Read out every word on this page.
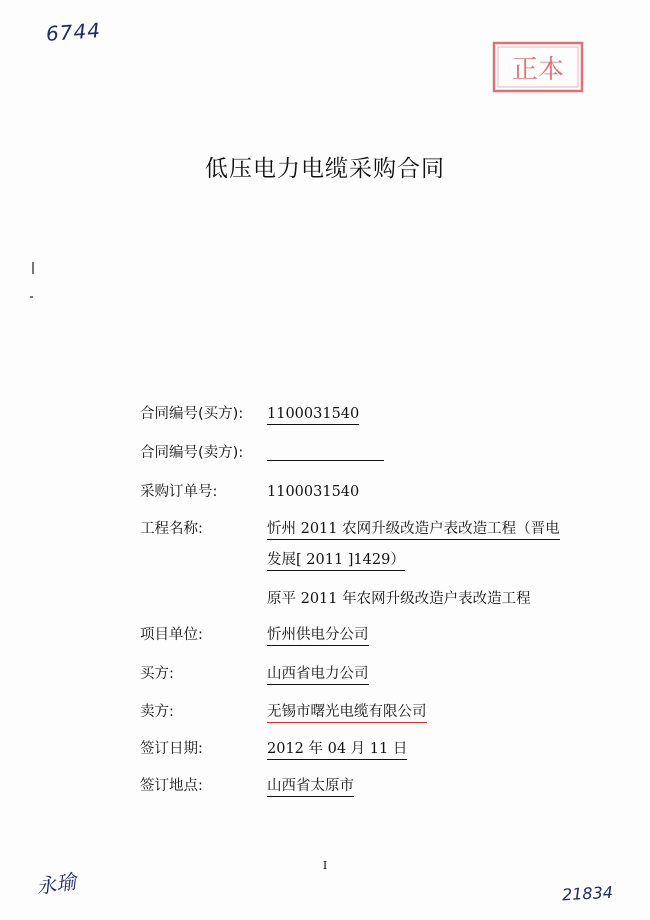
6744
正本
低压电力电缆采购合同
合同编号(买方): 1100031540
合同编号(卖方):
采购订单号:	1100031540
工程名称:	忻州 2011 农网升级改造户表改造工程（晋电
发展[ 2011 ]1429）
原平 2011 年农网升级改造户表改造工程
项目单位:	忻州供电分公司
买方:	山西省电力公司
卖方:	无锡市曙光电缆有限公司
签订日期:	2012 年 04 月 11 日
签订地点:	山西省太原市
I
永瑜	21834
